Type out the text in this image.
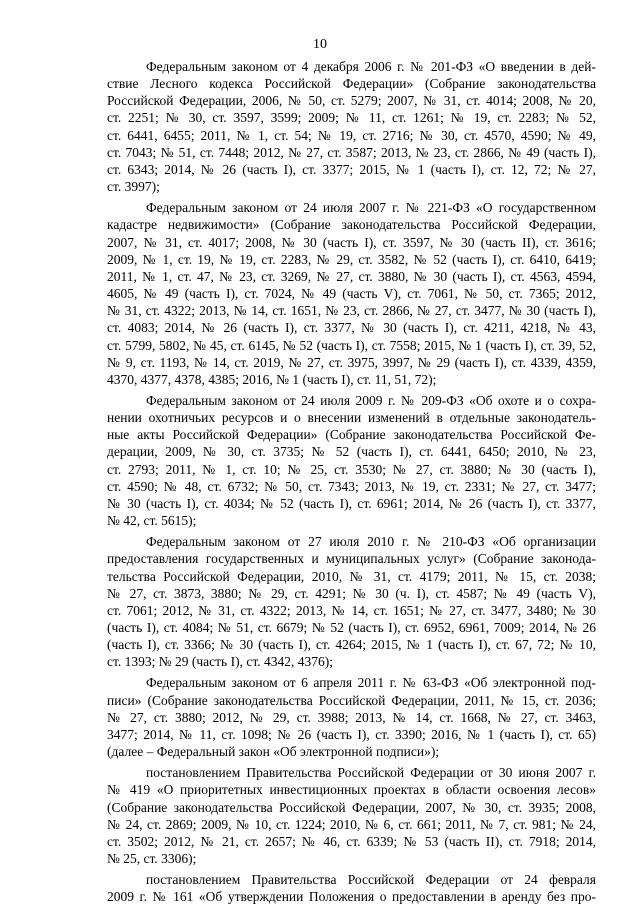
10

Федеральным законом от 4 декабря 2006 г. № 201-ФЗ «О введении в дей-
ствие Лесного кодекса Российской Федерации» (Собрание законодательства
Российской Федерации, 2006, № 50, ст. 5279; 2007, № 31, ст. 4014; 2008, № 20,
ст. 2251; № 30, ст. 3597, 3599; 2009; № 11, ст. 1261; № 19, ст. 2283; № 52,
ст. 6441, 6455; 2011, № 1, ст. 54; № 19, ст. 2716; № 30, ст. 4570, 4590; № 49,
ст. 7043; № 51, ст. 7448; 2012, № 27, ст. 3587; 2013, № 23, ст. 2866, № 49 (часть I),
ст. 6343; 2014, № 26 (часть I), ст. 3377; 2015, № 1 (часть I), ст. 12, 72; № 27,
ст. 3997);

Федеральным законом от 24 июля 2007 г. № 221-ФЗ «О государственном
кадастре недвижимости» (Собрание законодательства Российской Федерации,
2007, № 31, ст. 4017; 2008, № 30 (часть I), ст. 3597, № 30 (часть II), ст. 3616;
2009, № 1, ст. 19, № 19, ст. 2283, № 29, ст. 3582, № 52 (часть I), ст. 6410, 6419;
2011, № 1, ст. 47, № 23, ст. 3269, № 27, ст. 3880, № 30 (часть I), ст. 4563, 4594,
4605, № 49 (часть I), ст. 7024, № 49 (часть V), ст. 7061, № 50, ст. 7365; 2012,
№ 31, ст. 4322; 2013, № 14, ст. 1651, № 23, ст. 2866, № 27, ст. 3477, № 30 (часть I),
ст. 4083; 2014, № 26 (часть I), ст. 3377, № 30 (часть I), ст. 4211, 4218, № 43,
ст. 5799, 5802, № 45, ст. 6145, № 52 (часть I), ст. 7558; 2015, № 1 (часть I), ст. 39, 52,
№ 9, ст. 1193, № 14, ст. 2019, № 27, ст. 3975, 3997, № 29 (часть I), ст. 4339, 4359,
4370, 4377, 4378, 4385; 2016, № 1 (часть I), ст. 11, 51, 72);

Федеральным законом от 24 июля 2009 г. № 209-ФЗ «Об охоте и о сохра-
нении охотничьих ресурсов и о внесении изменений в отдельные законодатель-
ные акты Российской Федерации» (Собрание законодательства Российской Фе-
дерации, 2009, № 30, ст. 3735; № 52 (часть I), ст. 6441, 6450; 2010, № 23,
ст. 2793; 2011, № 1, ст. 10; № 25, ст. 3530; № 27, ст. 3880; № 30 (часть I),
ст. 4590; № 48, ст. 6732; № 50, ст. 7343; 2013, № 19, ст. 2331; № 27, ст. 3477;
№ 30 (часть I), ст. 4034; № 52 (часть I), ст. 6961; 2014, № 26 (часть I), ст. 3377,
№ 42, ст. 5615);

Федеральным законом от 27 июля 2010 г. № 210-ФЗ «Об организации
предоставления государственных и муниципальных услуг» (Собрание законода-
тельства Российской Федерации, 2010, № 31, ст. 4179; 2011, № 15, ст. 2038;
№ 27, ст. 3873, 3880; № 29, ст. 4291; № 30 (ч. I), ст. 4587; № 49 (часть V),
ст. 7061; 2012, № 31, ст. 4322; 2013, № 14, ст. 1651; № 27, ст. 3477, 3480; № 30
(часть I), ст. 4084; № 51, ст. 6679; № 52 (часть I), ст. 6952, 6961, 7009; 2014, № 26
(часть I), ст. 3366; № 30 (часть I), ст. 4264; 2015, № 1 (часть I), ст. 67, 72; № 10,
ст. 1393; № 29 (часть I), ст. 4342, 4376);

Федеральным законом от 6 апреля 2011 г. № 63-ФЗ «Об электронной под-
писи» (Собрание законодательства Российской Федерации, 2011, № 15, ст. 2036;
№ 27, ст. 3880; 2012, № 29, ст. 3988; 2013, № 14, ст. 1668, № 27, ст. 3463,
3477; 2014, № 11, ст. 1098; № 26 (часть I), ст. 3390; 2016, № 1 (часть I), ст. 65)
(далее – Федеральный закон «Об электронной подписи»);

постановлением Правительства Российской Федерации от 30 июня 2007 г.
№ 419 «О приоритетных инвестиционных проектах в области освоения лесов»
(Собрание законодательства Российской Федерации, 2007, № 30, ст. 3935; 2008,
№ 24, ст. 2869; 2009, № 10, ст. 1224; 2010, № 6, ст. 661; 2011, № 7, ст. 981; № 24,
ст. 3502; 2012, № 21, ст. 2657; № 46, ст. 6339; № 53 (часть II), ст. 7918; 2014,
№ 25, ст. 3306);

постановлением Правительства Российской Федерации от 24 февраля
2009 г. № 161 «Об утверждении Положения о предоставлении в аренду без про-
